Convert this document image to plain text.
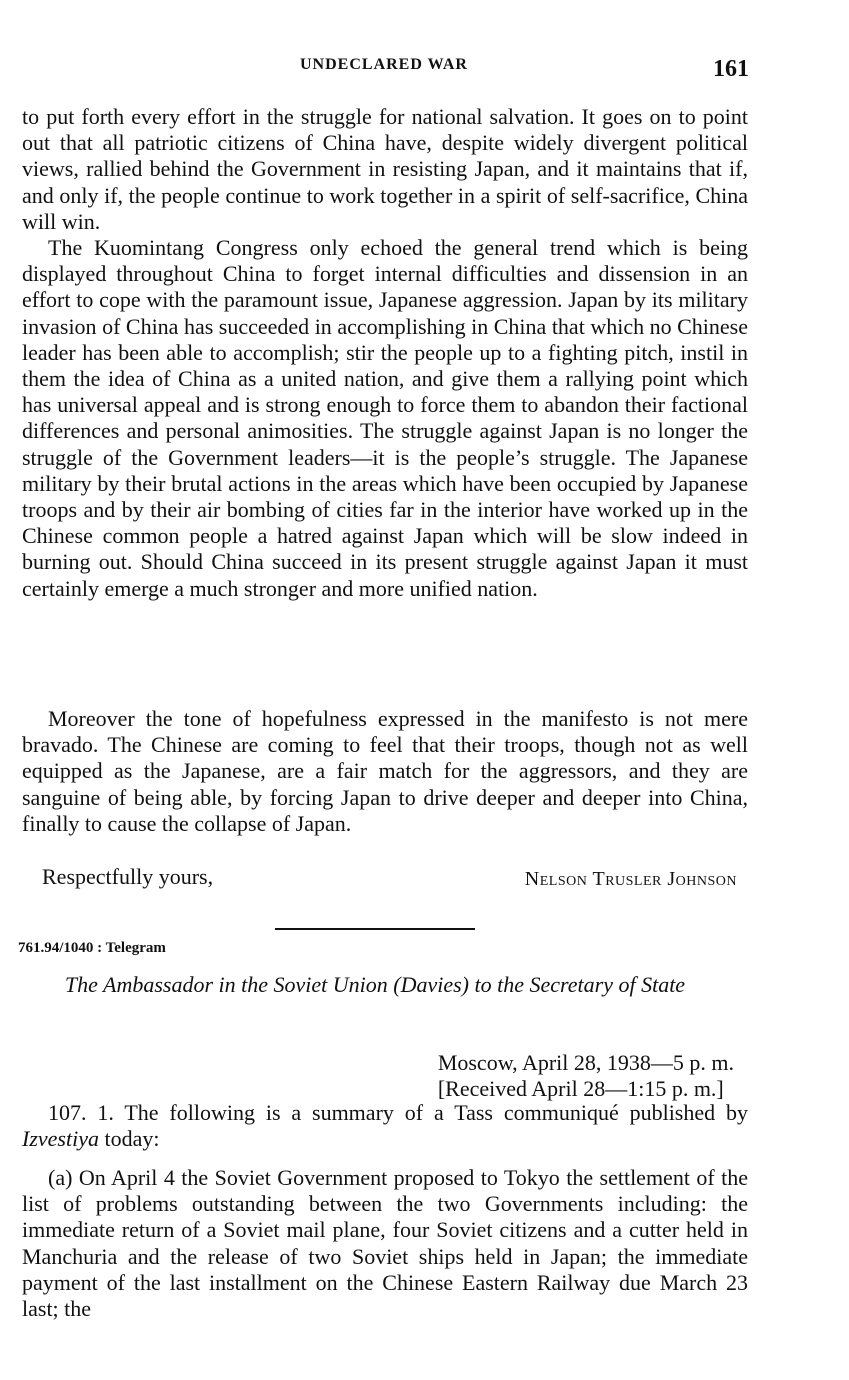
UNDECLARED WAR	161

to put forth every effort in the struggle for national salvation. It goes on to point out that all patriotic citizens of China have, despite widely divergent political views, rallied behind the Government in resisting Japan, and it maintains that if, and only if, the people continue to work together in a spirit of self-sacrifice, China will win.

The Kuomintang Congress only echoed the general trend which is being displayed throughout China to forget internal difficulties and dissension in an effort to cope with the paramount issue, Japanese aggression. Japan by its military invasion of China has succeeded in accomplishing in China that which no Chinese leader has been able to accomplish; stir the people up to a fighting pitch, instil in them the idea of China as a united nation, and give them a rallying point which has universal appeal and is strong enough to force them to abandon their factional differences and personal animosities. The struggle against Japan is no longer the struggle of the Government leaders—it is the people’s struggle. The Japanese military by their brutal actions in the areas which have been occupied by Japanese troops and by their air bombing of cities far in the interior have worked up in the Chinese common people a hatred against Japan which will be slow indeed in burning out. Should China succeed in its present struggle against Japan it must certainly emerge a much stronger and more unified nation.

Moreover the tone of hopefulness expressed in the manifesto is not mere bravado. The Chinese are coming to feel that their troops, though not as well equipped as the Japanese, are a fair match for the aggressors, and they are sanguine of being able, by forcing Japan to drive deeper and deeper into China, finally to cause the collapse of Japan.

Respectfully yours,	Nelson Trusler Johnson
761.94/1040 : Telegram
The Ambassador in the Soviet Union (Davies) to the Secretary of State
Moscow, April 28, 1938—5 p. m.
[Received April 28—1:15 p. m.]

107. 1. The following is a summary of a Tass communiqué published by Izvestiya today:

(a) On April 4 the Soviet Government proposed to Tokyo the settlement of the list of problems outstanding between the two Governments including: the immediate return of a Soviet mail plane, four Soviet citizens and a cutter held in Manchuria and the release of two Soviet ships held in Japan; the immediate payment of the last installment on the Chinese Eastern Railway due March 23 last; the
